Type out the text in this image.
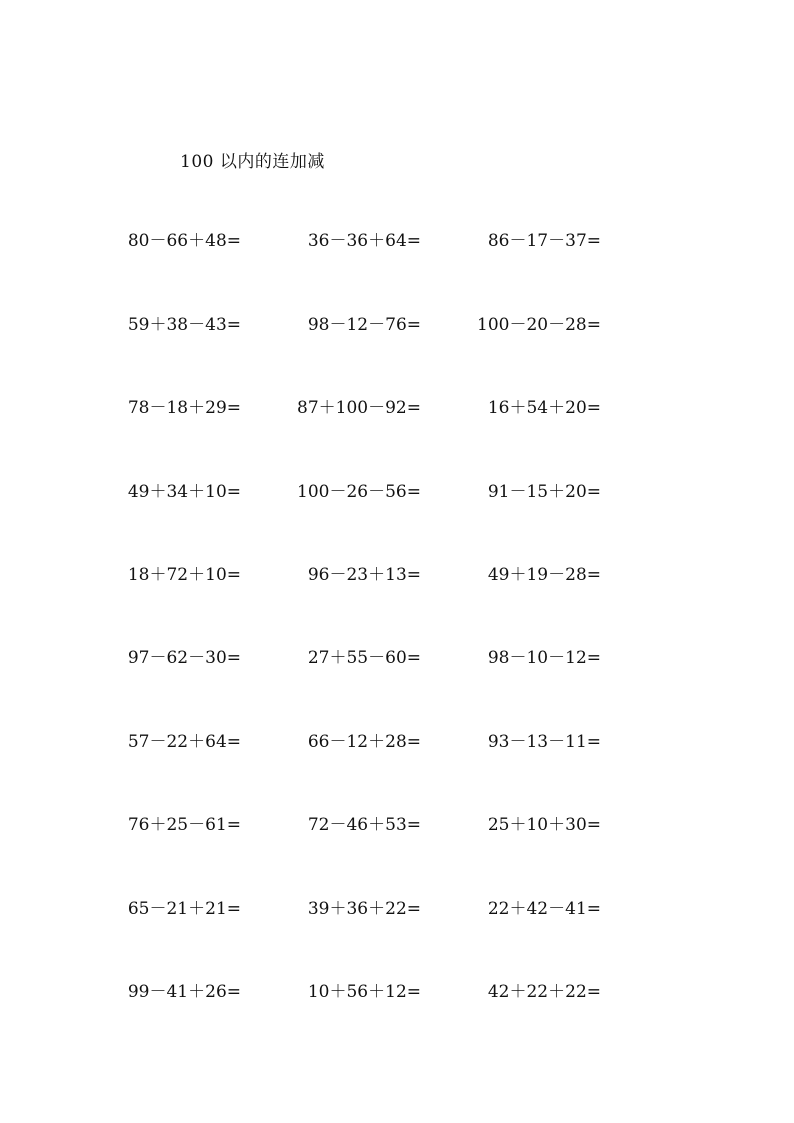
100 以内的连加减
80－66＋48=	36－36＋64=	86－17－37=
59＋38－43=	98－12－76=	100－20－28=
78－18＋29=	87＋100－92=	16＋54＋20=
49＋34＋10=	100－26－56=	91－15＋20=
18＋72＋10=	96－23＋13=	49＋19－28=
97－62－30=	27＋55－60=	98－10－12=
57－22＋64=	66－12＋28=	93－13－11=
76＋25－61=	72－46＋53=	25＋10＋30=
65－21＋21=	39＋36＋22=	22＋42－41=
99－41＋26=	10＋56＋12=	42＋22＋22=
